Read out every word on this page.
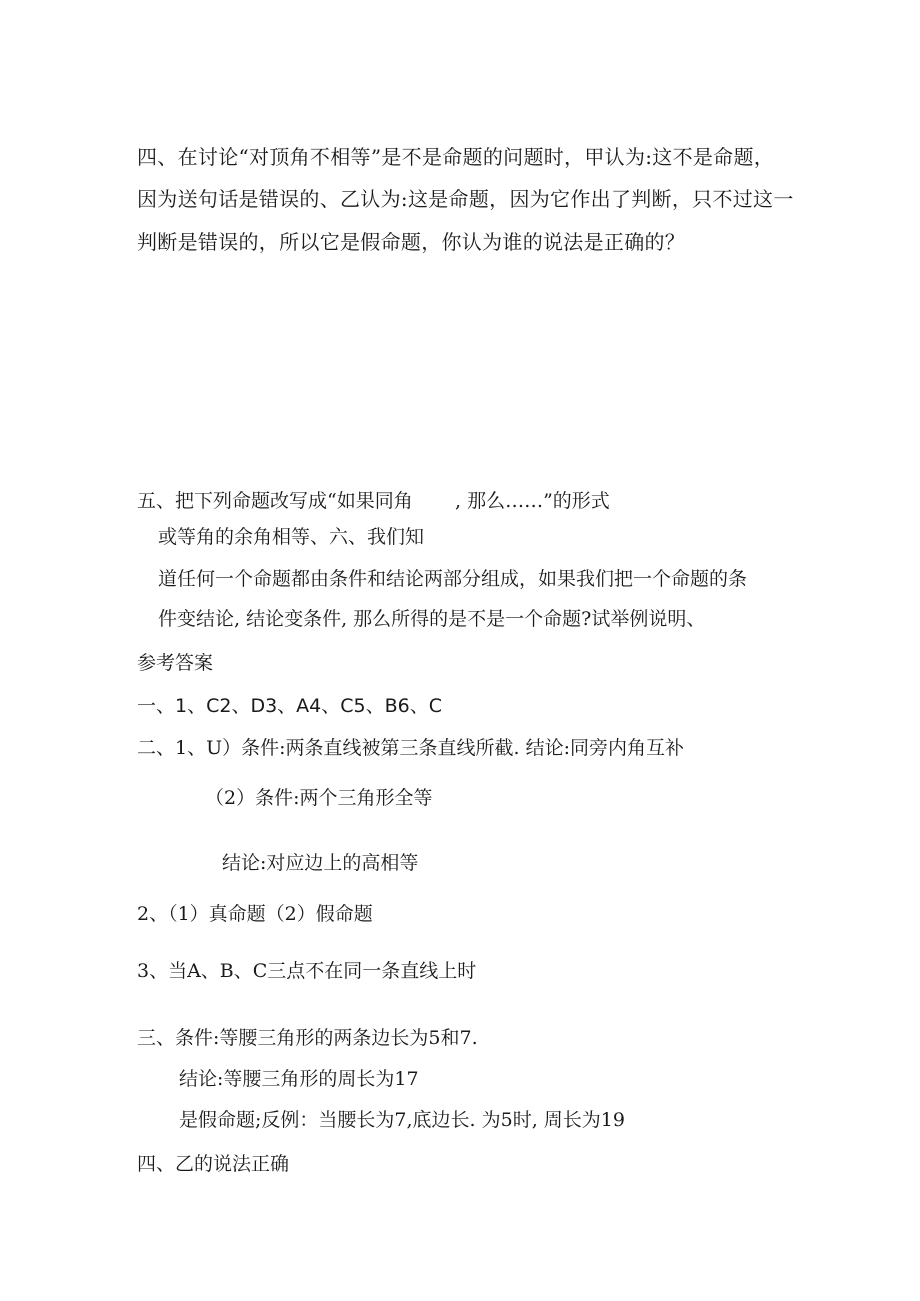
四、在讨论“对顶角不相等”是不是命题的问题时，甲认为:这不是命题，
因为送句话是错误的、乙认为:这是命题，因为它作出了判断，只不过这一
判断是错误的，所以它是假命题，你认为谁的说法是正确的？
五、把下列命题改写成“如果同角 , 那么……”的形式
或等角的余角相等、六、我们知
道任何一个命题都由条件和结论两部分组成，如果我们把一个命题的条
件变结论, 结论变条件, 那么所得的是不是一个命题?试举例说明、
参考答案
一、1、C2、D3、A4、C5、B6、C
二、1、U）条件:两条直线被第三条直线所截. 结论:同旁内角互补
（2）条件:两个三角形全等
结论:对应边上的高相等
2、（1）真命题（2）假命题
3、当A、B、C三点不在同一条直线上时
三、条件:等腰三角形的两条边长为5和7.
结论:等腰三角形的周长为17
是假命题;反例：当腰长为7,底边长. 为5时, 周长为19
四、乙的说法正确
